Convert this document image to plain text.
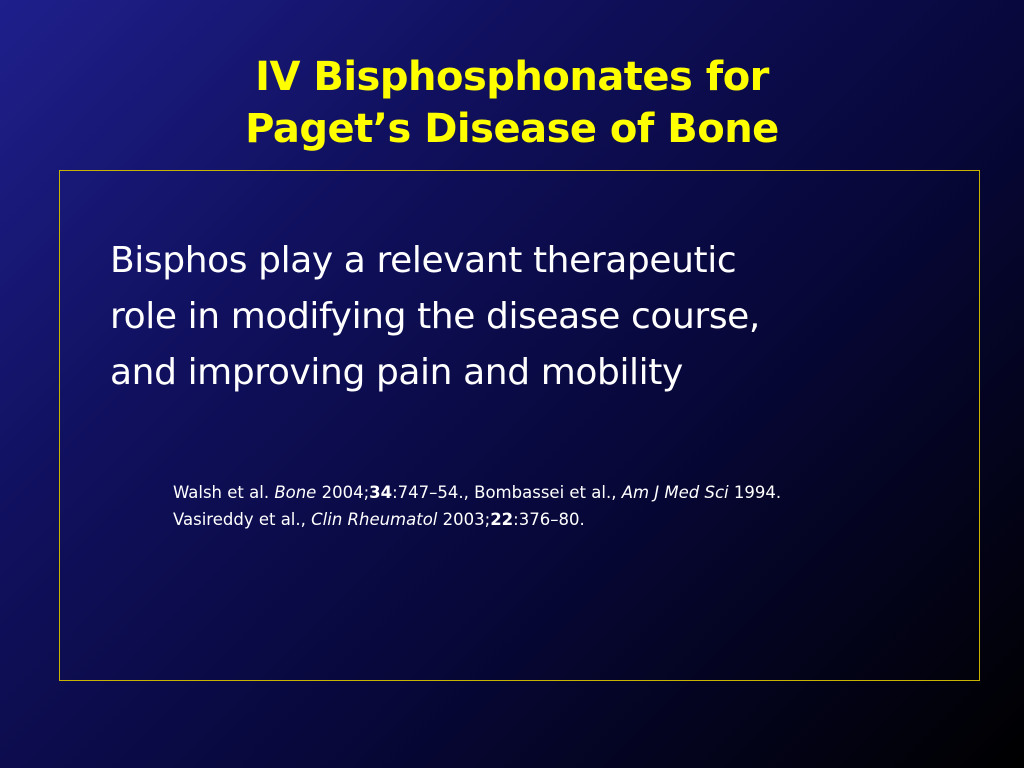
IV Bisphosphonates for
Paget’s Disease of Bone

Bisphos play a relevant therapeutic
role in modifying the disease course,
and improving pain and mobility

Walsh et al. Bone 2004;34:747–54., Bombassei et al., Am J Med Sci 1994.
Vasireddy et al., Clin Rheumatol 2003;22:376–80.
